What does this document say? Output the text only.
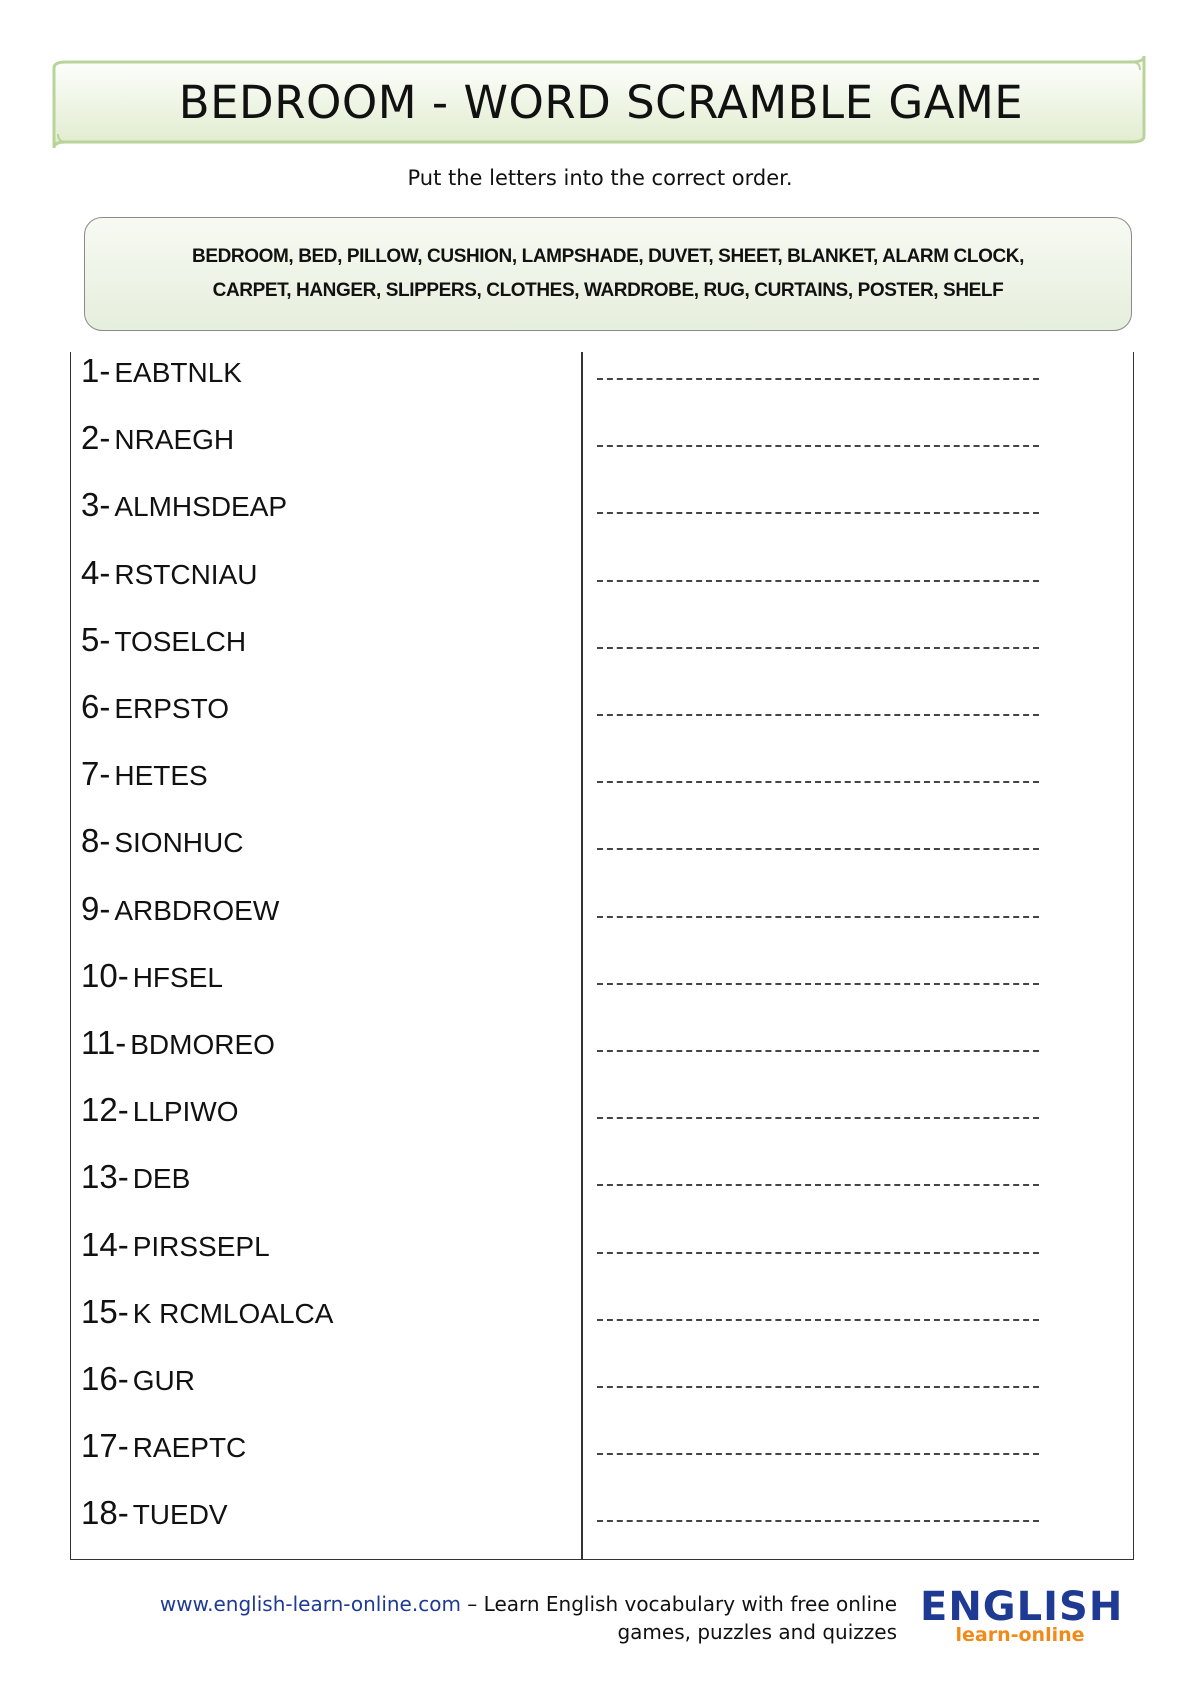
BEDROOM - WORD SCRAMBLE GAME
Put the letters into the correct order.
BEDROOM, BED, PILLOW, CUSHION, LAMPSHADE, DUVET, SHEET, BLANKET, ALARM CLOCK,
CARPET, HANGER, SLIPPERS, CLOTHES, WARDROBE, RUG, CURTAINS, POSTER, SHELF
1- EABTNLK
2- NRAEGH
3- ALMHSDEAP
4- RSTCNIAU
5- TOSELCH
6- ERPSTO
7- HETES
8- SIONHUC
9- ARBDROEW
10- HFSEL
11- BDMOREO
12- LLPIWO
13- DEB
14- PIRSSEPL
15- K RCMLOALCA
16- GUR
17- RAEPTC
18- TUEDV
www.english-learn-online.com – Learn English vocabulary with free online
games, puzzles and quizzes
ENGLISH
learn-online
